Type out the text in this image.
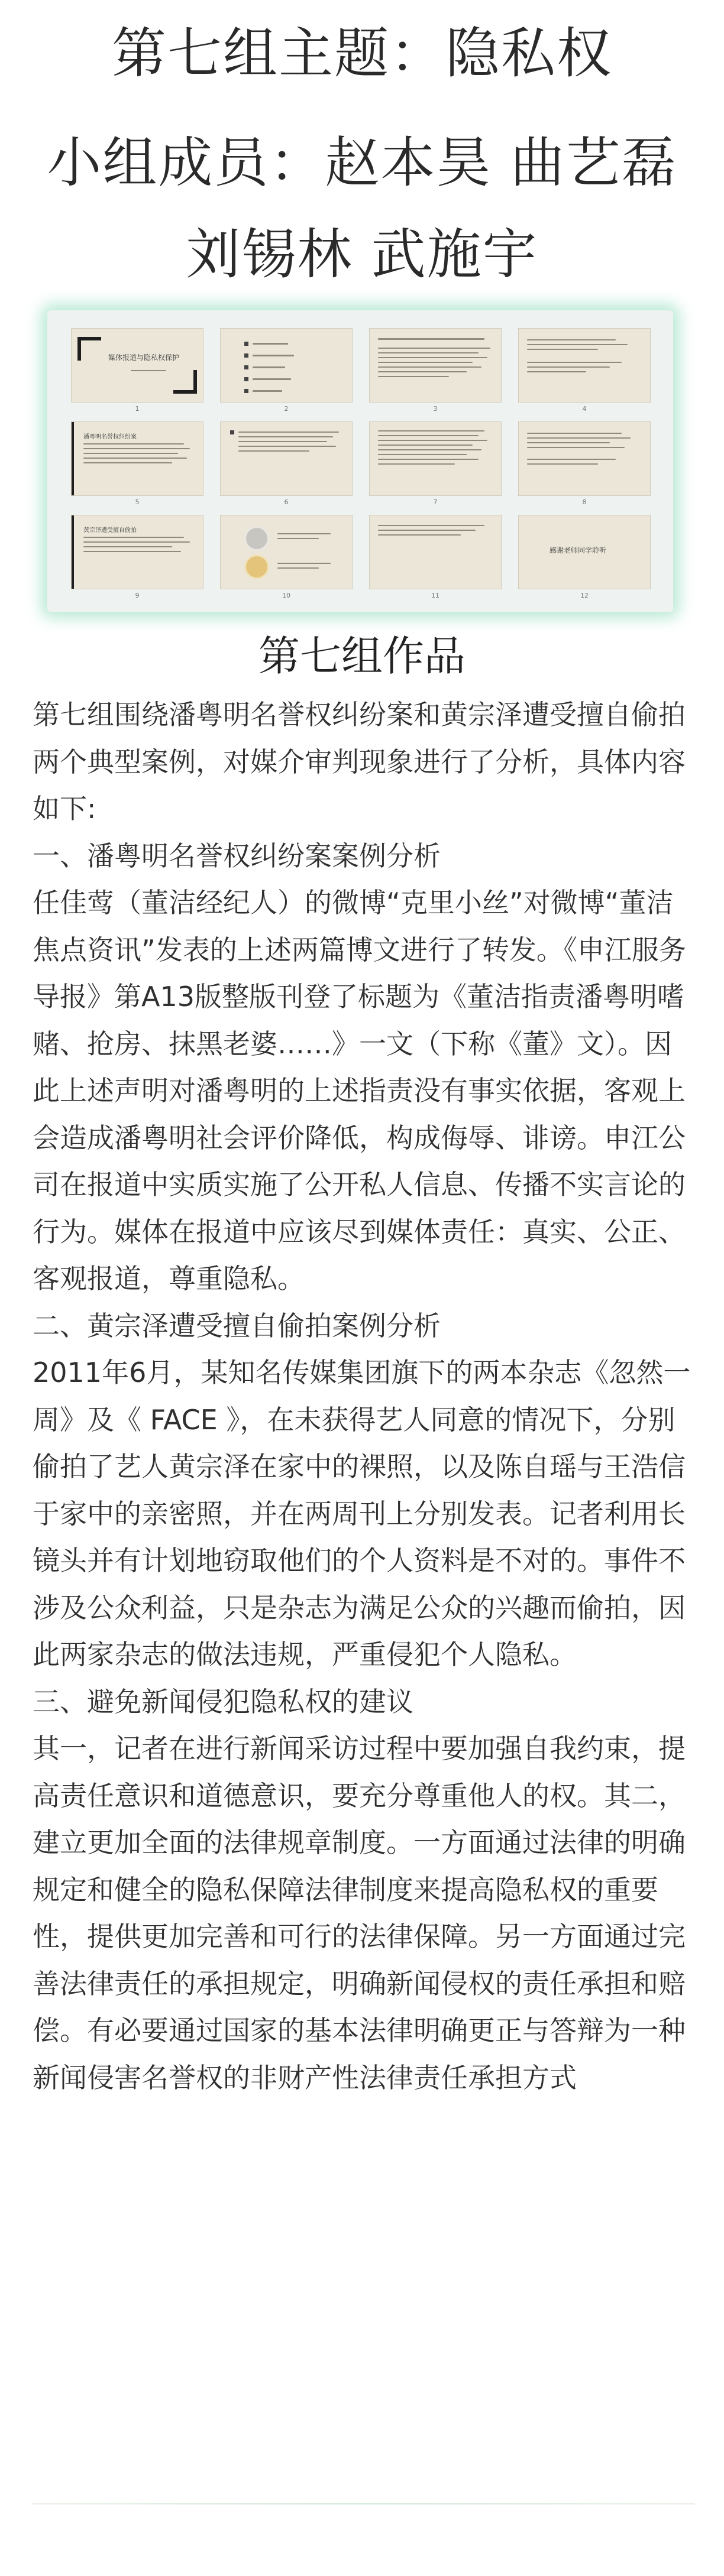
第七组主题：隐私权
小组成员：赵本昊 曲艺磊
刘锡林 武施宇
媒体报道与隐私权保护
1	2	3	4
潘粤明名誉权纠纷案
5	6	7	8
黄宗泽遭受擅自偷拍
9	10	11
感谢老师同学聆听
12
第七组作品

第七组围绕潘粤明名誉权纠纷案和黄宗泽遭受擅自偷拍两个典型案例，对媒介审判现象进行了分析，具体内容如下:

一、潘粤明名誉权纠纷案案例分析

任佳莺（董洁经纪人）的微博“克里小丝”对微博“董洁焦点资讯”发表的上述两篇博文进行了转发。《申江服务导报》第A13版整版刊登了标题为《董洁指责潘粤明嗜赌、抢房、抹黑老婆……》一文（下称《董》文）。因此上述声明对潘粤明的上述指责没有事实依据，客观上会造成潘粤明社会评价降低，构成侮辱、诽谤。申江公司在报道中实质实施了公开私人信息、传播不实言论的行为。媒体在报道中应该尽到媒体责任：真实、公正、客观报道，尊重隐私。

二、黄宗泽遭受擅自偷拍案例分析

2011年6月，某知名传媒集团旗下的两本杂志《忽然一周》及《 FACE 》，在未获得艺人同意的情况下，分别偷拍了艺人黄宗泽在家中的裸照，以及陈自瑶与王浩信于家中的亲密照，并在两周刊上分别发表。记者利用长镜头并有计划地窃取他们的个人资料是不对的。事件不涉及公众利益，只是杂志为满足公众的兴趣而偷拍，因此两家杂志的做法违规，严重侵犯个人隐私。

三、避免新闻侵犯隐私权的建议

其一，记者在进行新闻采访过程中要加强自我约束，提高责任意识和道德意识，要充分尊重他人的权。其二，建立更加全面的法律规章制度。一方面通过法律的明确规定和健全的隐私保障法律制度来提高隐私权的重要性，提供更加完善和可行的法律保障。另一方面通过完善法律责任的承担规定，明确新闻侵权的责任承担和赔偿。有必要通过国家的基本法律明确更正与答辩为一种新闻侵害名誉权的非财产性法律责任承担方式
